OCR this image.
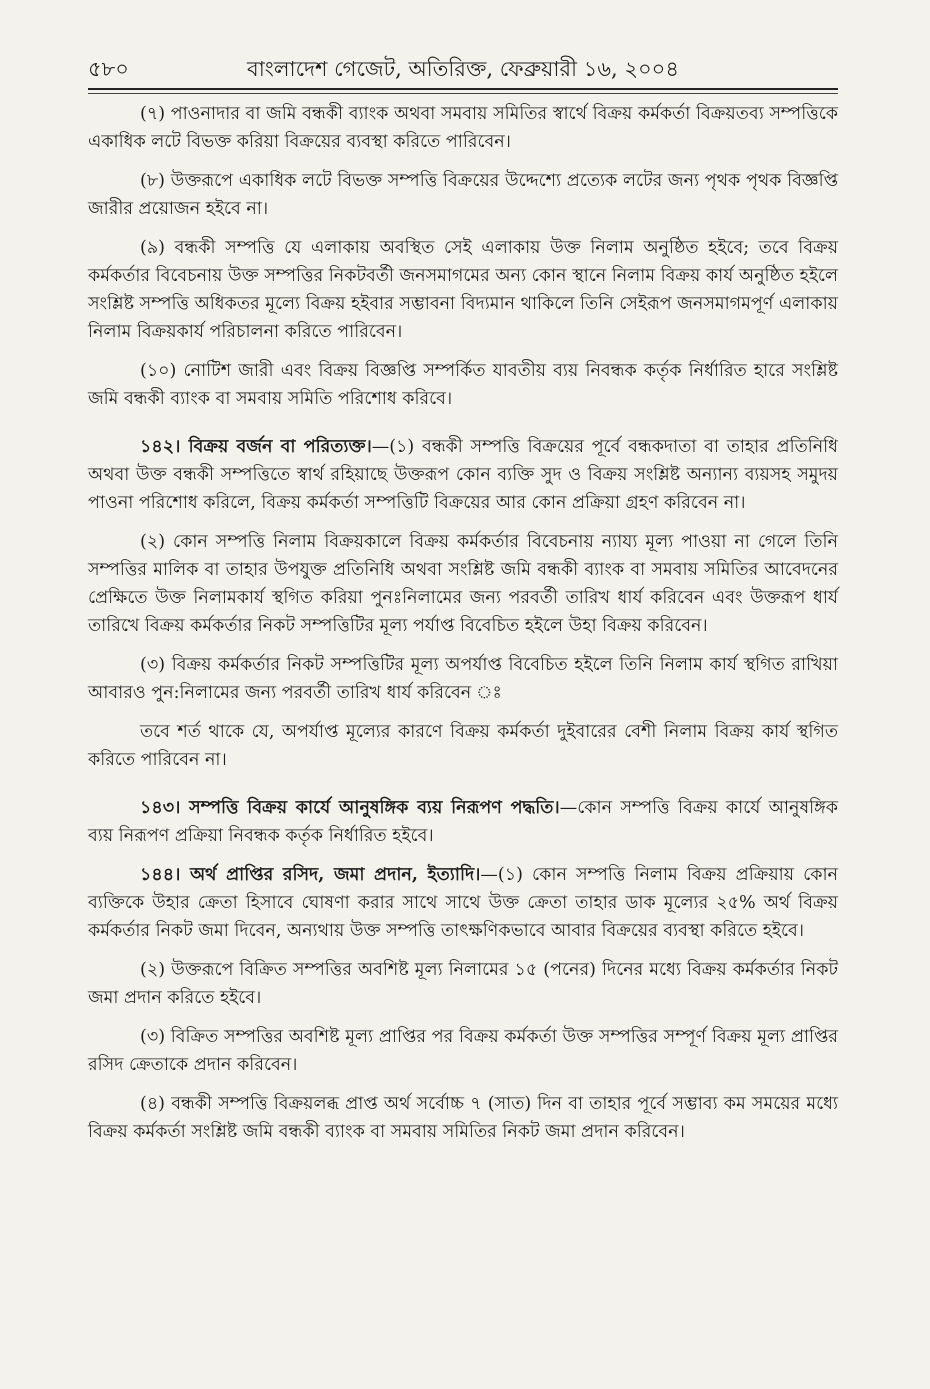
৫৮০	বাংলাদেশ গেজেট, অতিরিক্ত, ফেব্রুয়ারী ১৬, ২০০৪

(৭) পাওনাদার বা জমি বন্ধকী ব্যাংক অথবা সমবায় সমিতির স্বার্থে বিক্রয় কর্মকর্তা বিক্রয়তব্য সম্পত্তিকে একাধিক লটে বিভক্ত করিয়া বিক্রয়ের ব্যবস্থা করিতে পারিবেন।

(৮) উক্তরূপে একাধিক লটে বিভক্ত সম্পত্তি বিক্রয়ের উদ্দেশ্যে প্রত্যেক লটের জন্য পৃথক পৃথক বিজ্ঞপ্তি জারীর প্রয়োজন হইবে না।

(৯) বন্ধকী সম্পত্তি যে এলাকায় অবস্থিত সেই এলাকায় উক্ত নিলাম অনুষ্ঠিত হইবে; তবে বিক্রয় কর্মকর্তার বিবেচনায় উক্ত সম্পত্তির নিকটবর্তী জনসমাগমের অন্য কোন স্থানে নিলাম বিক্রয় কার্য অনুষ্ঠিত হইলে সংশ্লিষ্ট সম্পত্তি অধিকতর মূল্যে বিক্রয় হইবার সম্ভাবনা বিদ্যমান থাকিলে তিনি সেইরূপ জনসমাগমপূর্ণ এলাকায় নিলাম বিক্রয়কার্য পরিচালনা করিতে পারিবেন।

(১০) নোটিশ জারী এবং বিক্রয় বিজ্ঞপ্তি সম্পর্কিত যাবতীয় ব্যয় নিবন্ধক কর্তৃক নির্ধারিত হারে সংশ্লিষ্ট জমি বন্ধকী ব্যাংক বা সমবায় সমিতি পরিশোধ করিবে।

১৪২। বিক্রয় বর্জন বা পরিত্যক্ত।—(১) বন্ধকী সম্পত্তি বিক্রয়ের পূর্বে বন্ধকদাতা বা তাহার প্রতিনিধি অথবা উক্ত বন্ধকী সম্পত্তিতে স্বার্থ রহিয়াছে উক্তরূপ কোন ব্যক্তি সুদ ও বিক্রয় সংশ্লিষ্ট অন্যান্য ব্যয়সহ সমুদয় পাওনা পরিশোধ করিলে, বিক্রয় কর্মকর্তা সম্পত্তিটি বিক্রয়ের আর কোন প্রক্রিয়া গ্রহণ করিবেন না।

(২) কোন সম্পত্তি নিলাম বিক্রয়কালে বিক্রয় কর্মকর্তার বিবেচনায় ন্যায্য মূল্য পাওয়া না গেলে তিনি সম্পত্তির মালিক বা তাহার উপযুক্ত প্রতিনিধি অথবা সংশ্লিষ্ট জমি বন্ধকী ব্যাংক বা সমবায় সমিতির আবেদনের প্রেক্ষিতে উক্ত নিলামকার্য স্থগিত করিয়া পুনঃনিলামের জন্য পরবর্তী তারিখ ধার্য করিবেন এবং উক্তরূপ ধার্য তারিখে বিক্রয় কর্মকর্তার নিকট সম্পত্তিটির মূল্য পর্যাপ্ত বিবেচিত হইলে উহা বিক্রয় করিবেন।

(৩) বিক্রয় কর্মকর্তার নিকট সম্পত্তিটির মূল্য অপর্যাপ্ত বিবেচিত হইলে তিনি নিলাম কার্য স্থগিত রাখিয়া আবারও পুন:নিলামের জন্য পরবর্তী তারিখ ধার্য করিবেন ঃ

তবে শর্ত থাকে যে, অপর্যাপ্ত মূল্যের কারণে বিক্রয় কর্মকর্তা দুইবারের বেশী নিলাম বিক্রয় কার্য স্থগিত করিতে পারিবেন না।

১৪৩। সম্পত্তি বিক্রয় কার্যে আনুষঙ্গিক ব্যয় নিরূপণ পদ্ধতি।—কোন সম্পত্তি বিক্রয় কার্যে আনুষঙ্গিক ব্যয় নিরূপণ প্রক্রিয়া নিবন্ধক কর্তৃক নির্ধারিত হইবে।

১৪৪। অর্থ প্রাপ্তির রসিদ, জমা প্রদান, ইত্যাদি।—(১) কোন সম্পত্তি নিলাম বিক্রয় প্রক্রিয়ায় কোন ব্যক্তিকে উহার ক্রেতা হিসাবে ঘোষণা করার সাথে সাথে উক্ত ক্রেতা তাহার ডাক মূল্যের ২৫% অর্থ বিক্রয় কর্মকর্তার নিকট জমা দিবেন, অন্যথায় উক্ত সম্পত্তি তাৎক্ষণিকভাবে আবার বিক্রয়ের ব্যবস্থা করিতে হইবে।

(২) উক্তরূপে বিক্রিত সম্পত্তির অবশিষ্ট মূল্য নিলামের ১৫ (পনের) দিনের মধ্যে বিক্রয় কর্মকর্তার নিকট জমা প্রদান করিতে হইবে।

(৩) বিক্রিত সম্পত্তির অবশিষ্ট মূল্য প্রাপ্তির পর বিক্রয় কর্মকর্তা উক্ত সম্পত্তির সম্পূর্ণ বিক্রয় মূল্য প্রাপ্তির রসিদ ক্রেতাকে প্রদান করিবেন।

(৪) বন্ধকী সম্পত্তি বিক্রয়লব্ধ প্রাপ্ত অর্থ সর্বোচ্চ ৭ (সাত) দিন বা তাহার পূর্বে সম্ভাব্য কম সময়ের মধ্যে বিক্রয় কর্মকর্তা সংশ্লিষ্ট জমি বন্ধকী ব্যাংক বা সমবায় সমিতির নিকট জমা প্রদান করিবেন।
